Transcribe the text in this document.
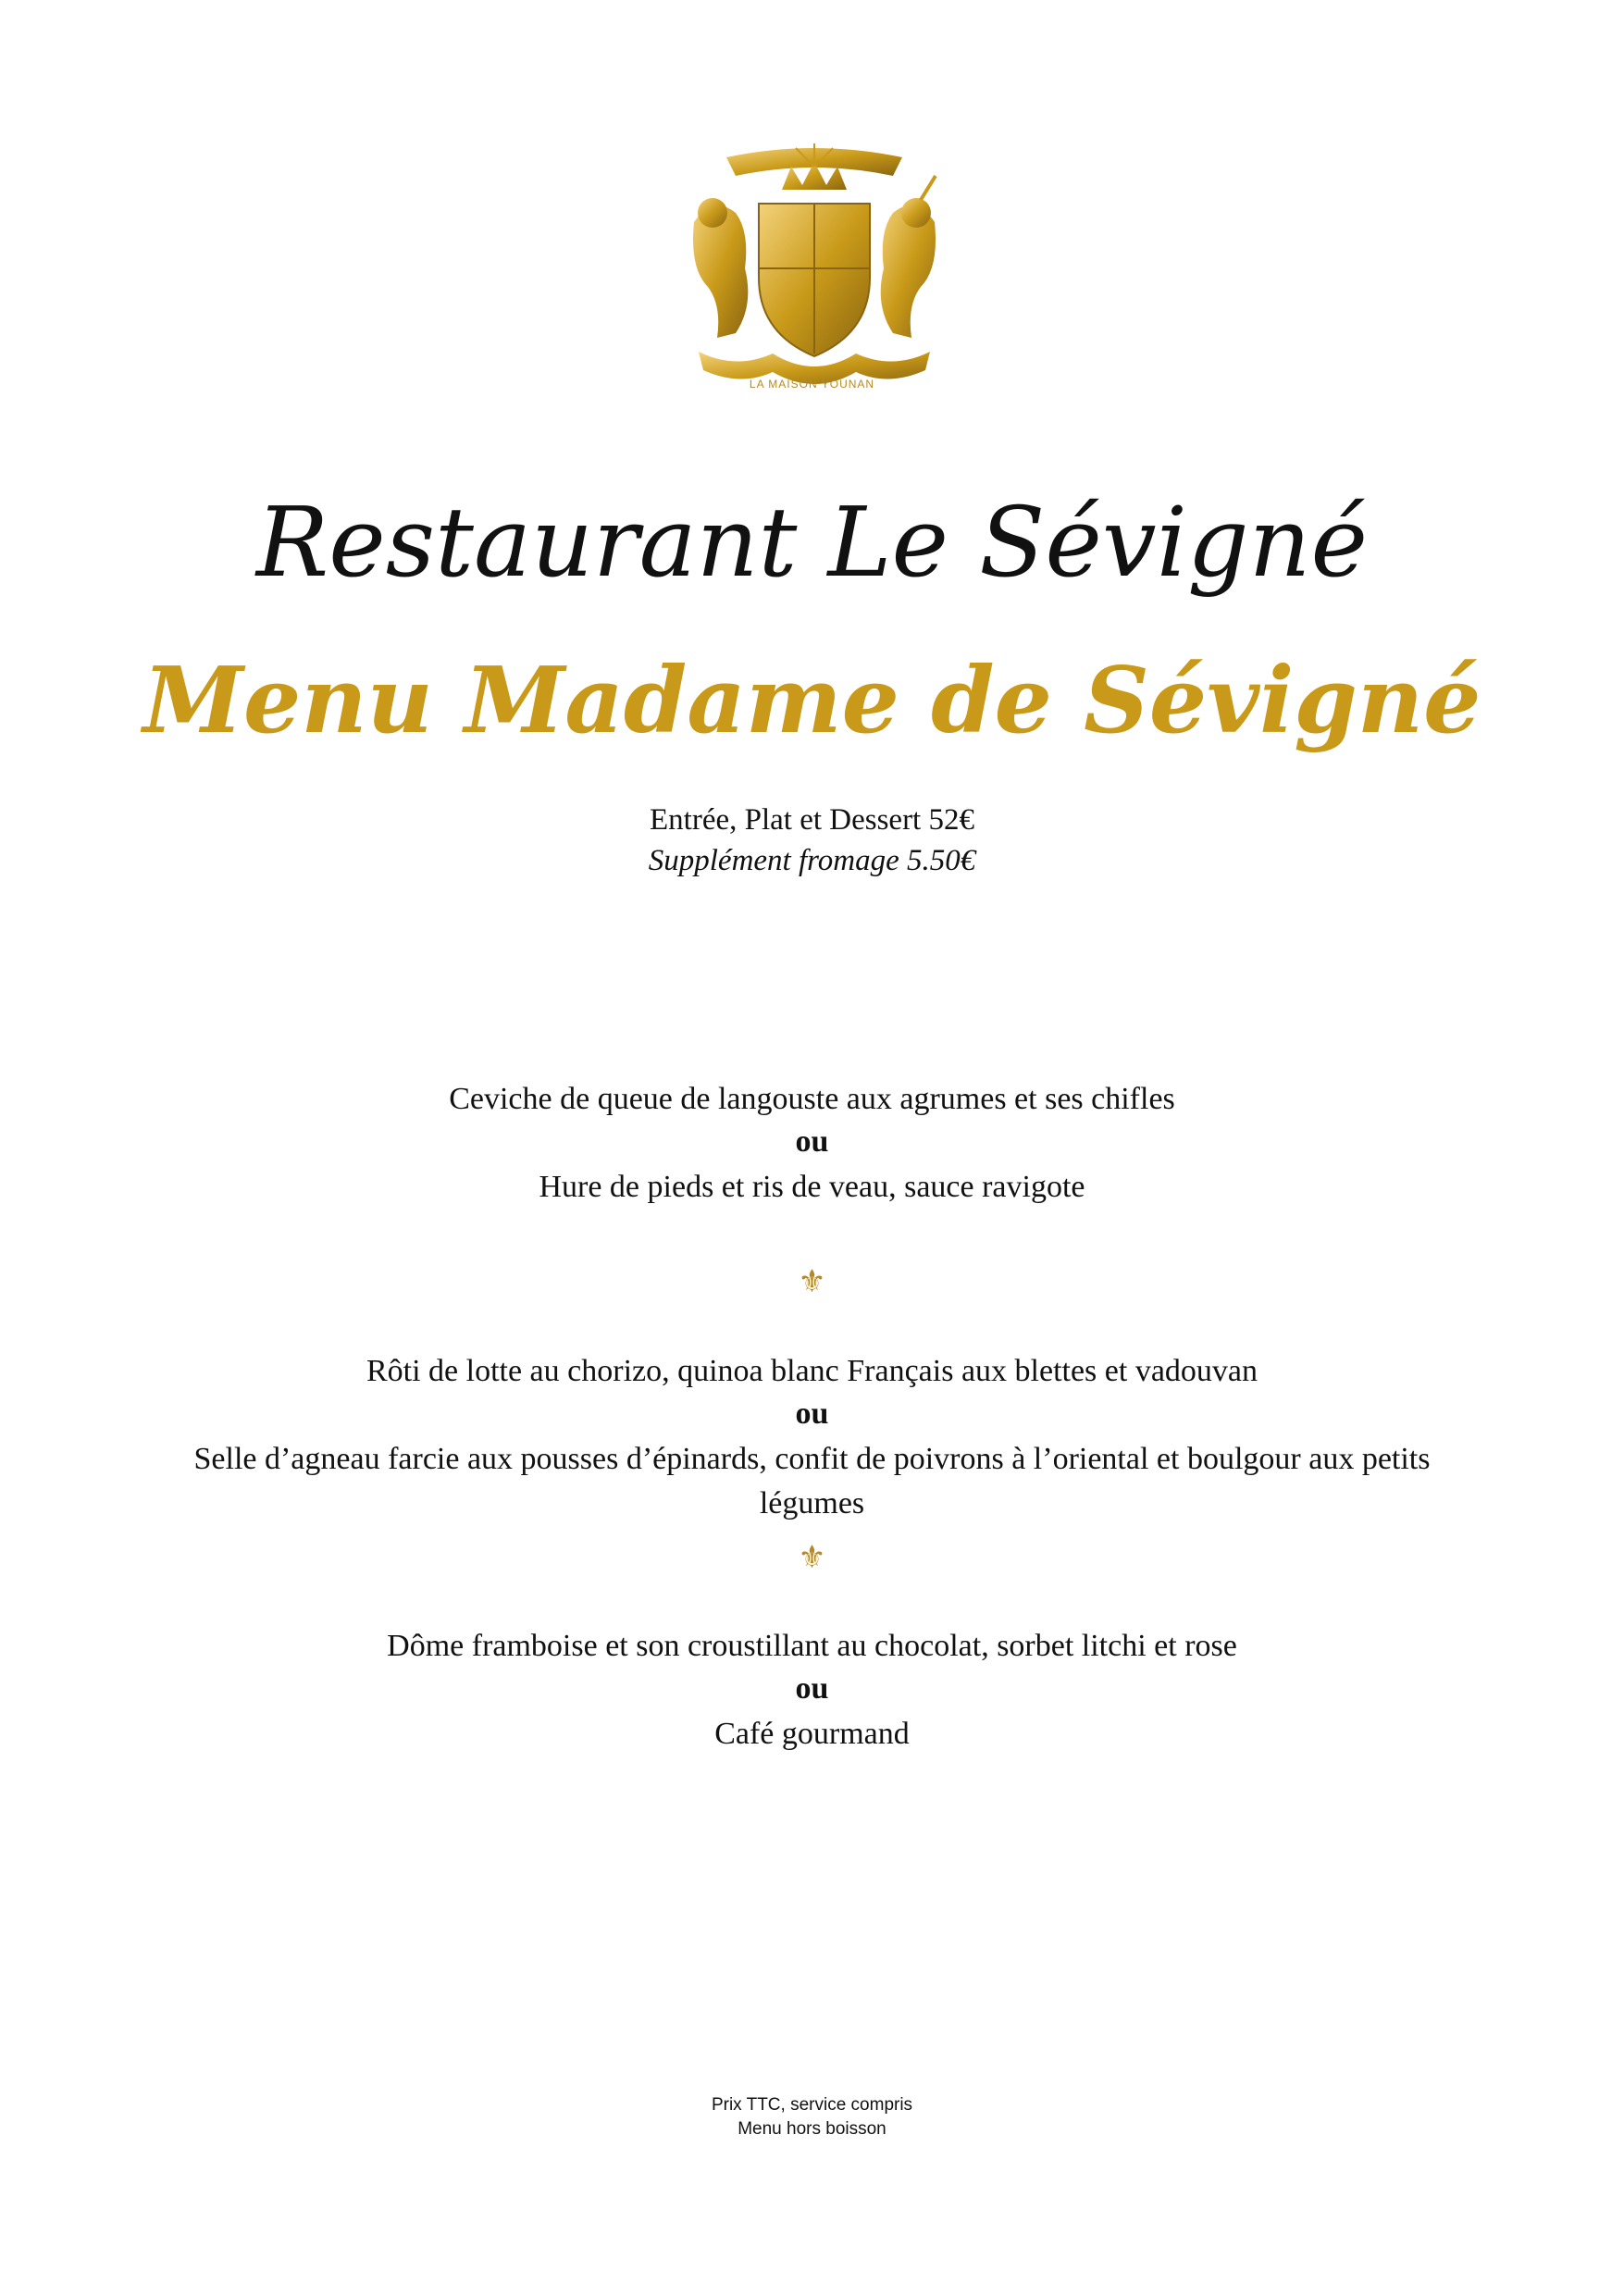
LA MAISON YOUNAN
Restaurant Le Sévigné
Menu Madame de Sévigné
Entrée, Plat et Dessert 52€
Supplément fromage 5.50€
Ceviche de queue de langouste aux agrumes et ses chifles
ou
Hure de pieds et ris de veau, sauce ravigote
⚜
Rôti de lotte au chorizo, quinoa blanc Français aux blettes et vadouvan
ou
Selle d’agneau farcie aux pousses d’épinards, confit de poivrons à l’oriental et boulgour aux petits légumes
⚜
Dôme framboise et son croustillant au chocolat, sorbet litchi et rose
ou
Café gourmand
Prix TTC, service compris
Menu hors boisson
